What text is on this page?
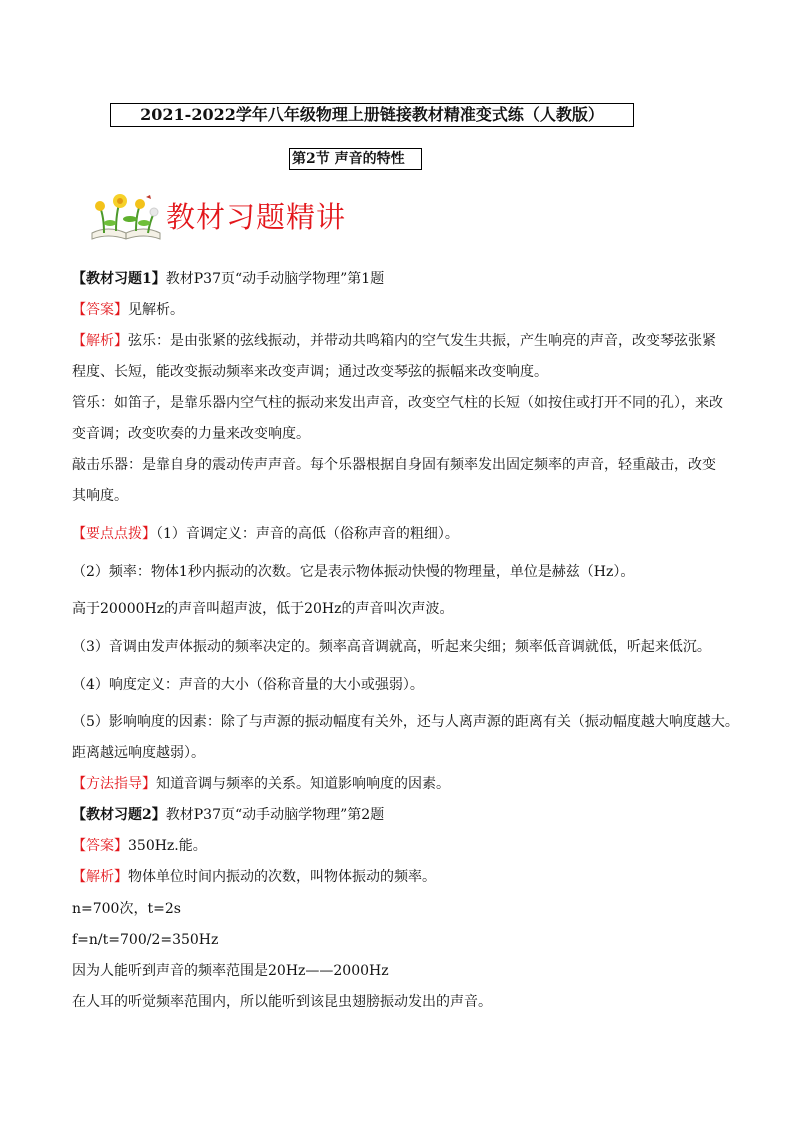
2021-2022学年八年级物理上册链接教材精准变式练（人教版）
第2节 声音的特性
教材习题精讲
【教材习题1】教材P37页“动手动脑学物理”第1题
【答案】见解析。
【解析】弦乐：是由张紧的弦线振动，并带动共鸣箱内的空气发生共振，产生响亮的声音，改变琴弦张紧
程度、长短，能改变振动频率来改变声调；通过改变琴弦的振幅来改变响度。
管乐：如笛子，是靠乐器内空气柱的振动来发出声音，改变空气柱的长短（如按住或打开不同的孔），来改
变音调；改变吹奏的力量来改变响度。
敲击乐器：是靠自身的震动传声声音。每个乐器根据自身固有频率发出固定频率的声音，轻重敲击，改变
其响度。
【要点点拨】（1）音调定义：声音的高低（俗称声音的粗细）。
（2）频率：物体1秒内振动的次数。它是表示物体振动快慢的物理量，单位是赫兹（Hz）。
高于20000Hz的声音叫超声波，低于20Hz的声音叫次声波。
（3）音调由发声体振动的频率决定的。频率高音调就高，听起来尖细；频率低音调就低，听起来低沉。
（4）响度定义：声音的大小（俗称音量的大小或强弱）。
（5）影响响度的因素：除了与声源的振动幅度有关外，还与人离声源的距离有关（振动幅度越大响度越大。
距离越远响度越弱）。
【方法指导】知道音调与频率的关系。知道影响响度的因素。
【教材习题2】教材P37页“动手动脑学物理”第2题
【答案】350Hz.能。
【解析】物体单位时间内振动的次数，叫物体振动的频率。
n=700次，t=2s
f=n/t=700/2=350Hz
因为人能听到声音的频率范围是20Hz——2000Hz
在人耳的听觉频率范围内，所以能听到该昆虫翅膀振动发出的声音。
